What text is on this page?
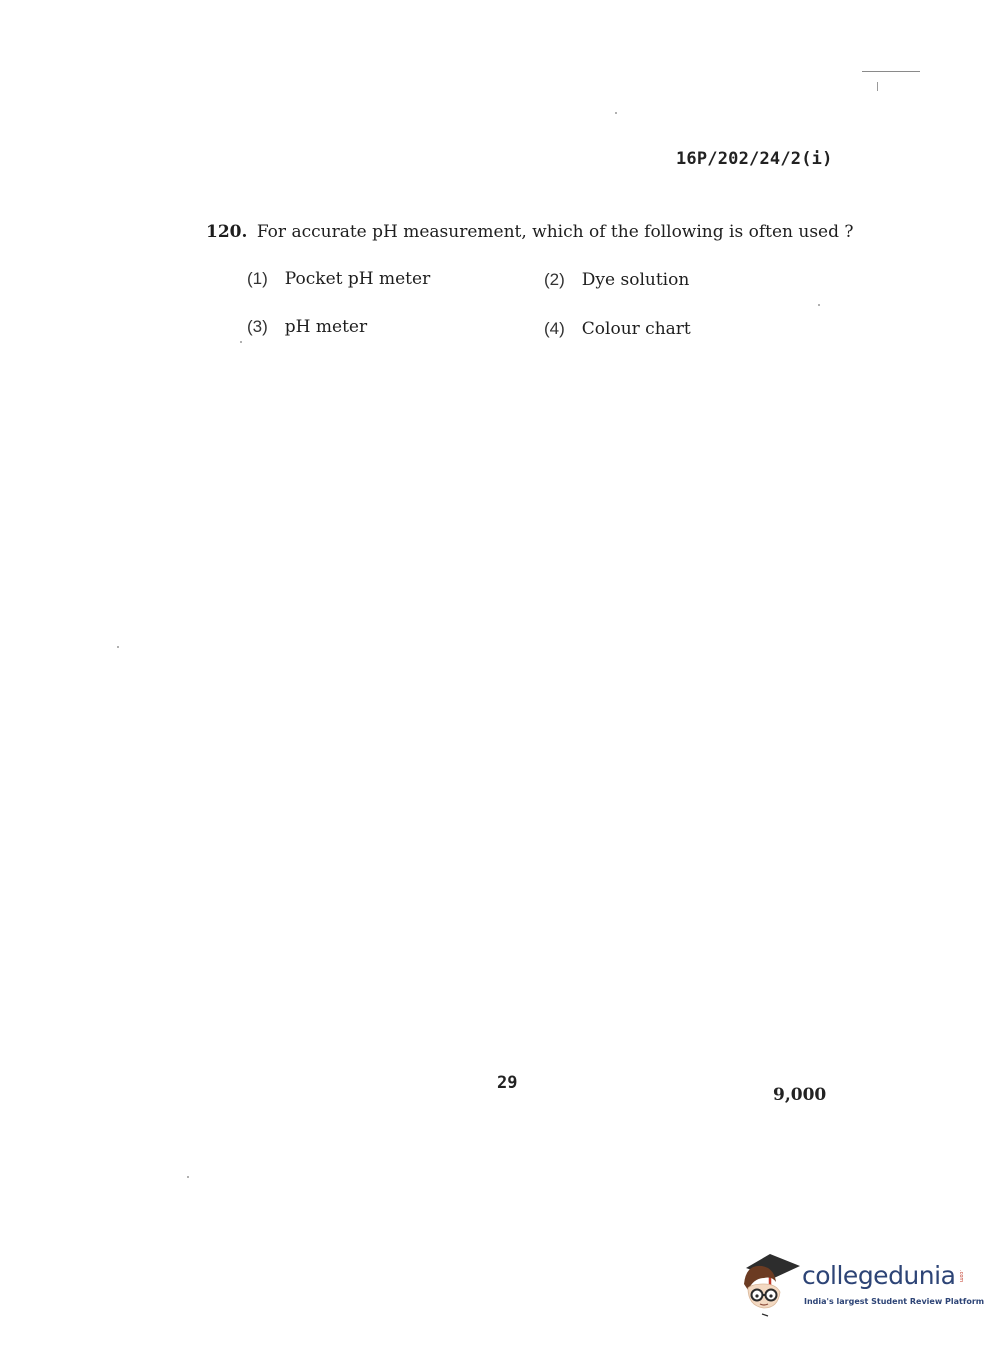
16P/202/24/2(i)
120. For accurate pH measurement, which of the following is often used ?
(1) Pocket pH meter	(2) Dye solution
(3) pH meter	(4) Colour chart
29
9,000
collegedunia .com
India's largest Student Review Platform
